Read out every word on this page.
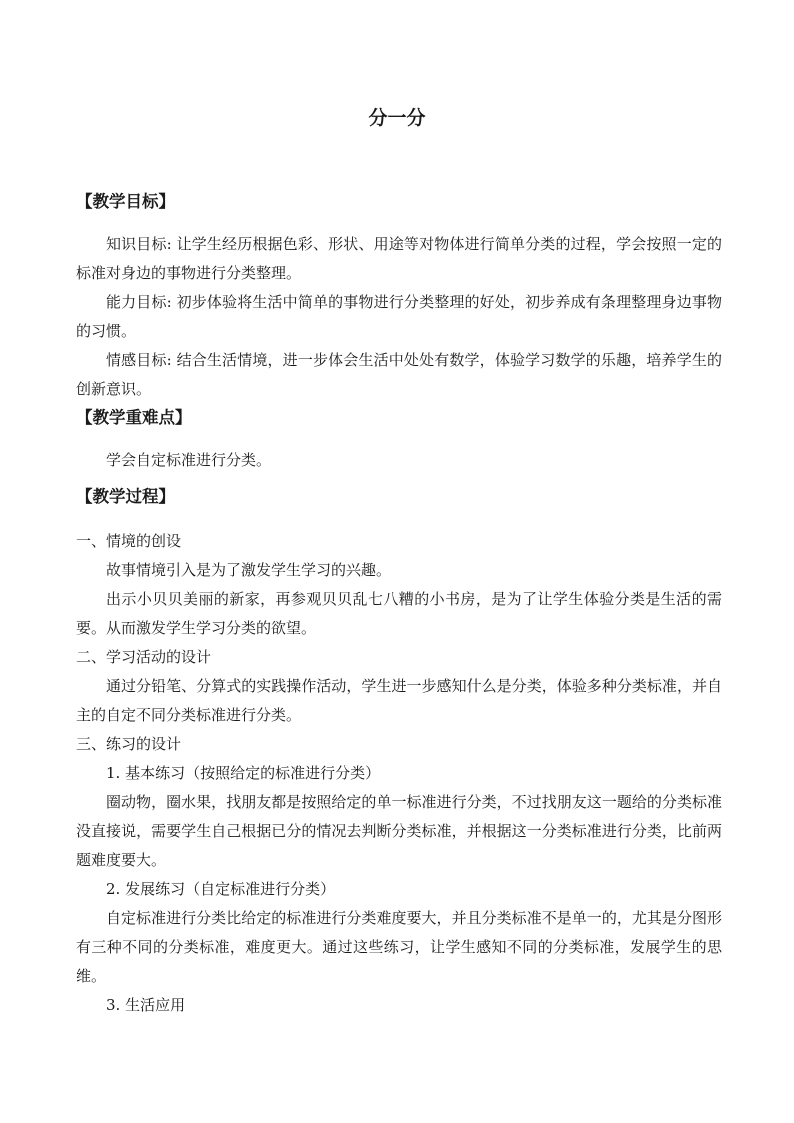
分一分

【教学目标】

知识目标: 让学生经历根据色彩、形状、用途等对物体进行简单分类的过程，学会按照一定的标准对身边的事物进行分类整理。

能力目标: 初步体验将生活中简单的事物进行分类整理的好处，初步养成有条理整理身边事物的习惯。

情感目标: 结合生活情境，进一步体会生活中处处有数学，体验学习数学的乐趣，培养学生的创新意识。

【教学重难点】

学会自定标准进行分类。

【教学过程】

一、情境的创设

故事情境引入是为了激发学生学习的兴趣。

出示小贝贝美丽的新家，再参观贝贝乱七八糟的小书房，是为了让学生体验分类是生活的需要。从而激发学生学习分类的欲望。

二、学习活动的设计

通过分铅笔、分算式的实践操作活动，学生进一步感知什么是分类，体验多种分类标准，并自主的自定不同分类标准进行分类。

三、练习的设计

1. 基本练习（按照给定的标准进行分类）

圈动物，圈水果，找朋友都是按照给定的单一标准进行分类，不过找朋友这一题给的分类标准没直接说，需要学生自己根据已分的情况去判断分类标准，并根据这一分类标准进行分类，比前两题难度要大。

2. 发展练习（自定标准进行分类）

自定标准进行分类比给定的标准进行分类难度要大，并且分类标准不是单一的，尤其是分图形有三种不同的分类标准，难度更大。通过这些练习，让学生感知不同的分类标准，发展学生的思维。

3. 生活应用
